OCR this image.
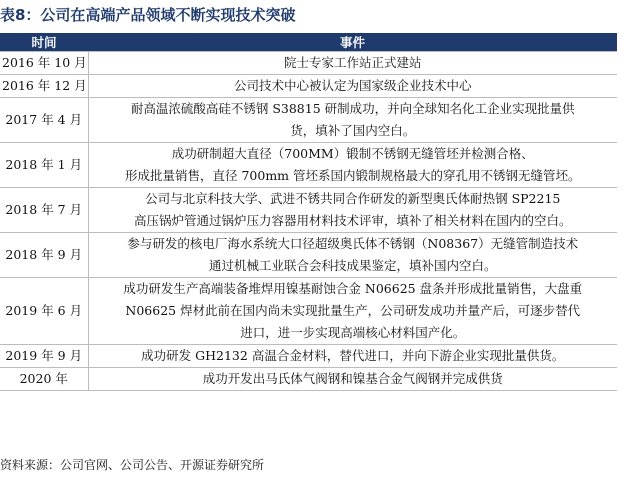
表8：公司在高端产品领域不断实现技术突破
时间	事件
2016 年 10 月	院士专家工作站正式建站

2016 年 12 月	公司技术中心被认定为国家级企业技术中心

2017 年 4 月	耐高温浓硫酸高硅不锈钢 S38815 研制成功，并向全球知名化工企业实现批量供
货，填补了国内空白。

2018 年 1 月	成功研制超大直径（700MM）锻制不锈钢无缝管坯并检测合格、
形成批量销售，直径 700mm 管坯系国内锻制规格最大的穿孔用不锈钢无缝管坯。

2018 年 7 月	公司与北京科技大学、武进不锈共同合作研发的新型奥氏体耐热钢 SP2215
高压锅炉管通过锅炉压力容器用材料技术评审，填补了相关材料在国内的空白。

2018 年 9 月	参与研发的核电厂海水系统大口径超级奥氏体不锈钢（N08367）无缝管制造技术
通过机械工业联合会科技成果鉴定，填补国内空白。

2019 年 6 月	成功研发生产高端装备堆焊用镍基耐蚀合金 N06625 盘条并形成批量销售，大盘重
N06625 焊材此前在国内尚未实现批量生产，公司研发成功并量产后，可逐步替代
进口，进一步实现高端核心材料国产化。

2019 年 9 月	成功研发 GH2132 高温合金材料，替代进口，并向下游企业实现批量供货。

2020 年	成功开发出马氏体气阀钢和镍基合金气阀钢并完成供货
资料来源：公司官网、公司公告、开源证券研究所
